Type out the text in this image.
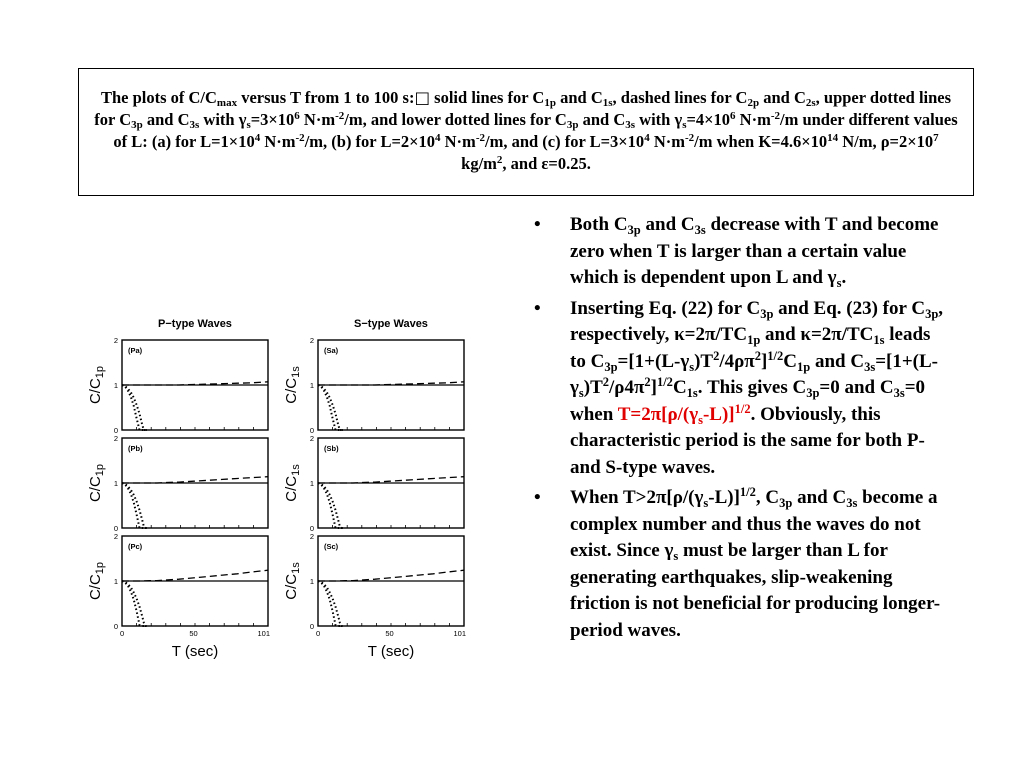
The plots of $C/C_{max}$ versus T from 1 to 100 s:□ solid lines for $C_{1p}$ and $C_{1s}$, dashed lines for $C_{2p}$ and $C_{2s}$, upper dotted lines for $C_{3p}$ and $C_{3s}$ with $\gamma_s=3\times 10^6$ $N\cdot m^{-2}/m$, and lower dotted lines for $C_{3p}$ and $C_{3s}$ with $\gamma_s=4\times 10^6$ $N\cdot m^{-2}/m$ under different values of L: (a) for $L=1\times 10^4$ $N\cdot m^{-2}/m$, (b) for $L=2\times 10^4$ $N\cdot m^{-2}/m$, and (c) for $L=3\times 10^4$ $N\cdot m^{-2}/m$ when $K=4.6\times 10^{14}$ N/m, $\rho=2\times 10^7$ $kg/m^2$, and ε=0.25.
• Both $C_{3p}$ and $C_{3s}$ decrease with T and become zero when T is larger than a certain value which is dependent upon L and $\gamma_s$.
• Inserting Eq. (22) for $C_{3p}$ and Eq. (23) for $C_{3p}$, respectively, $\kappa=2\pi/TC_{1p}$ and $\kappa=2\pi/TC_{1s}$ leads to $C_{3p}=[1+(L-\gamma_s)T^2/4\rho\pi^2]^{1/2}C_{1p}$ and $C_{3s}=[1+(L-\gamma_s)T^2/\rho 4\pi^2]^{1/2}C_{1s}$. This gives $C_{3p}=0$ and $C_{3s}=0$ when $T=2\pi[\rho/(\gamma_s-L)]^{1/2}$. Obviously, this characteristic period is the same for both P- and S-type waves.
• When $T>2\pi[\rho/(\gamma_s-L)]^{1/2}$, $C_{3p}$ and $C_{3s}$ become a complex number and thus the waves do not exist. Since $\gamma_s$ must be larger than L for generating earthquakes, slip-weakening friction is not beneficial for producing longer-period waves.
P−type Waves	S−type Waves
0
1
2
(Pa)
$C/C_{1p}$
0
1
2
(Sa)
$C/C_{1s}$
0
1
2
(Pb)
$C/C_{1p}$
0
1
2
(Sb)
$C/C_{1s}$
0
1
2
(Pc)
$C/C_{1p}$
0	50	101
T (sec)
0
1
2
(Sc)
$C/C_{1s}$
0	50	101
T (sec)
